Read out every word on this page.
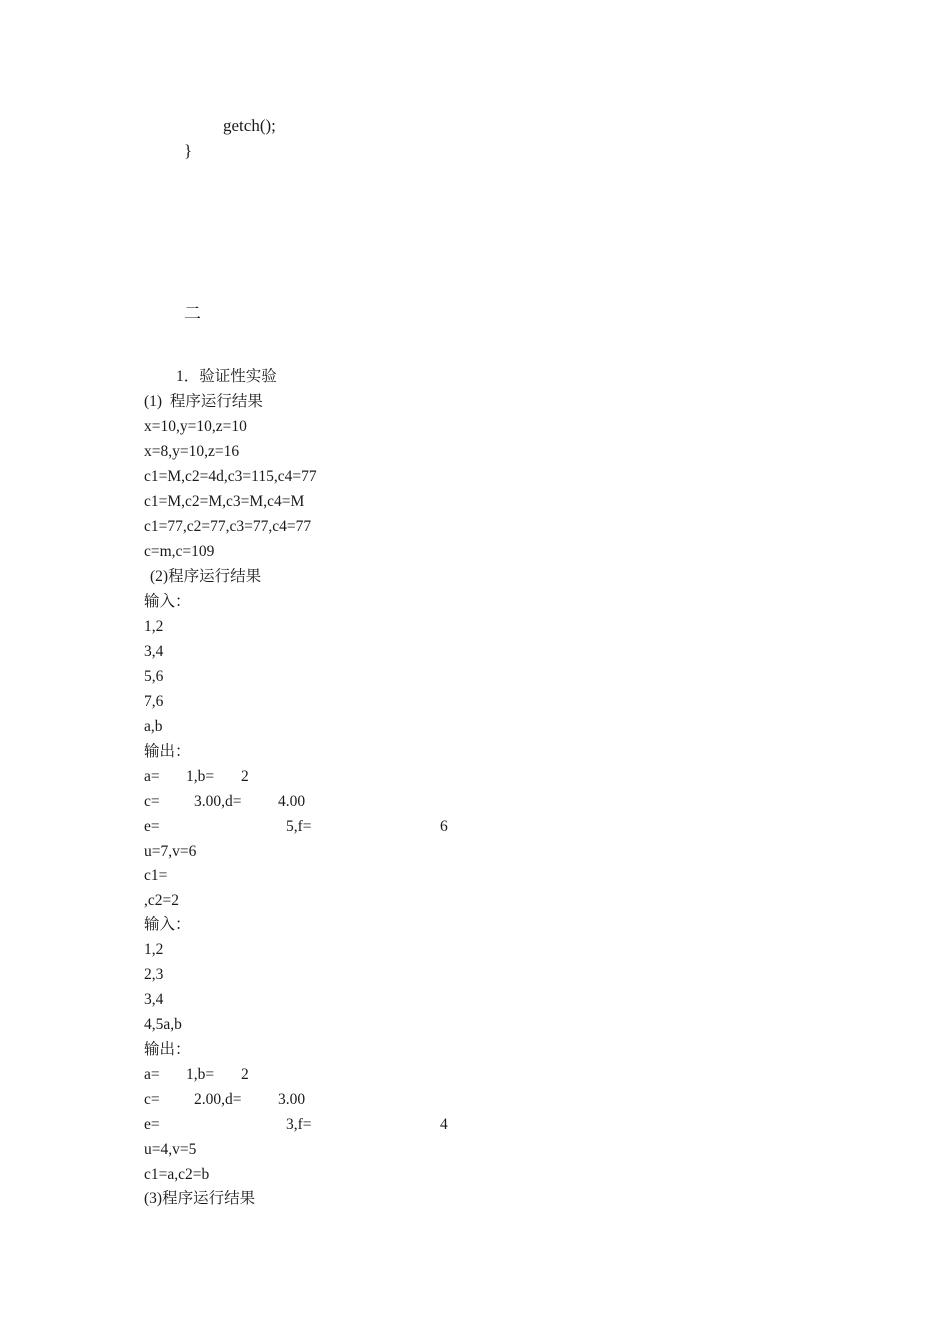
getch();
}
二
1．验证性实验
(1)  程序运行结果
x=10,y=10,z=10
x=8,y=10,z=16
c1=M,c2=4d,c3=115,c4=77
c1=M,c2=M,c3=M,c4=M
c1=77,c2=77,c3=77,c4=77
c=m,c=109
(2)程序运行结果
输入：
1,2
3,4
5,6
7,6
a,b
输出：

a=

1,b=

2

c=

3.00,d=

4.00

e=

	5,f=

	6

u=7,v=6
c1=
,c2=2
输入：
1,2
2,3
3,4
4,5a,b
输出：

a=

1,b=

2

c=

2.00,d=

3.00

e=

	3,f=

	4

u=4,v=5
c1=a,c2=b
(3)程序运行结果
